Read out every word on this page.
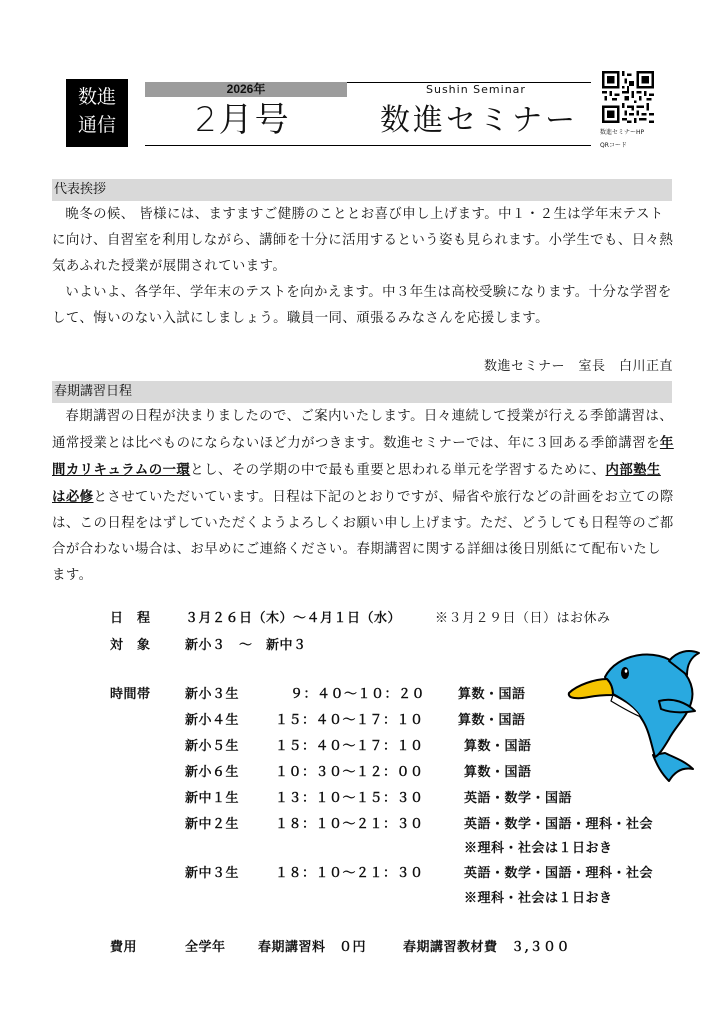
数進
通信
2026年	Sushin Seminar
2月号	数進セミナー	数進セミナーHP
QRコード
代表挨拶

晩冬の候、 皆様には、ますますご健勝のこととお喜び申し上げます。中１・２生は学年末テストに向け、自習室を利用しながら、講師を十分に活用するという姿も見られます。小学生でも、日々熱気あふれた授業が展開されています。

いよいよ、各学年、学年末のテストを向かえます。中３年生は高校受験になります。十分な学習をして、悔いのない入試にしましょう。職員一同、頑張るみなさんを応援します。

数進セミナー　室長　白川正直
春期講習日程

春期講習の日程が決まりましたので、ご案内いたします。日々連続して授業が行える季節講習は、通常授業とは比べものにならないほど力がつきます。数進セミナーでは、年に３回ある季節講習を年間カリキュラムの一環とし、その学期の中で最も重要と思われる単元を学習するために、内部塾生は必修とさせていただいています。日程は下記のとおりですが、帰省や旅行などの計画をお立ての際は、この日程をはずしていただくようよろしくお願い申し上げます。ただ、どうしても日程等のご都合が合わない場合は、お早めにご連絡ください。春期講習に関する詳細は後日別紙にて配布いたします。

日　程	３月２６日（木）～４月１日（水）	※３月２９日（日）はお休み
対　象	新小３　～　新中３
時間帯	新小３生	９：４０～１０：２０	算数・国語
新小４生	１５：４０～１７：１０	算数・国語
新小５生	１５：４０～１７：１０	算数・国語
新小６生	１０：３０～１２：００	算数・国語
新中１生	１３：１０～１５：３０	英語・数学・国語
新中２生	１８：１０～２１：３０	英語・数学・国語・理科・社会
※理科・社会は１日おき
新中３生	１８：１０～２１：３０	英語・数学・国語・理科・社会
※理科・社会は１日おき
費用	全学年 春期講習料　０円	春期講習教材費　３,３００
